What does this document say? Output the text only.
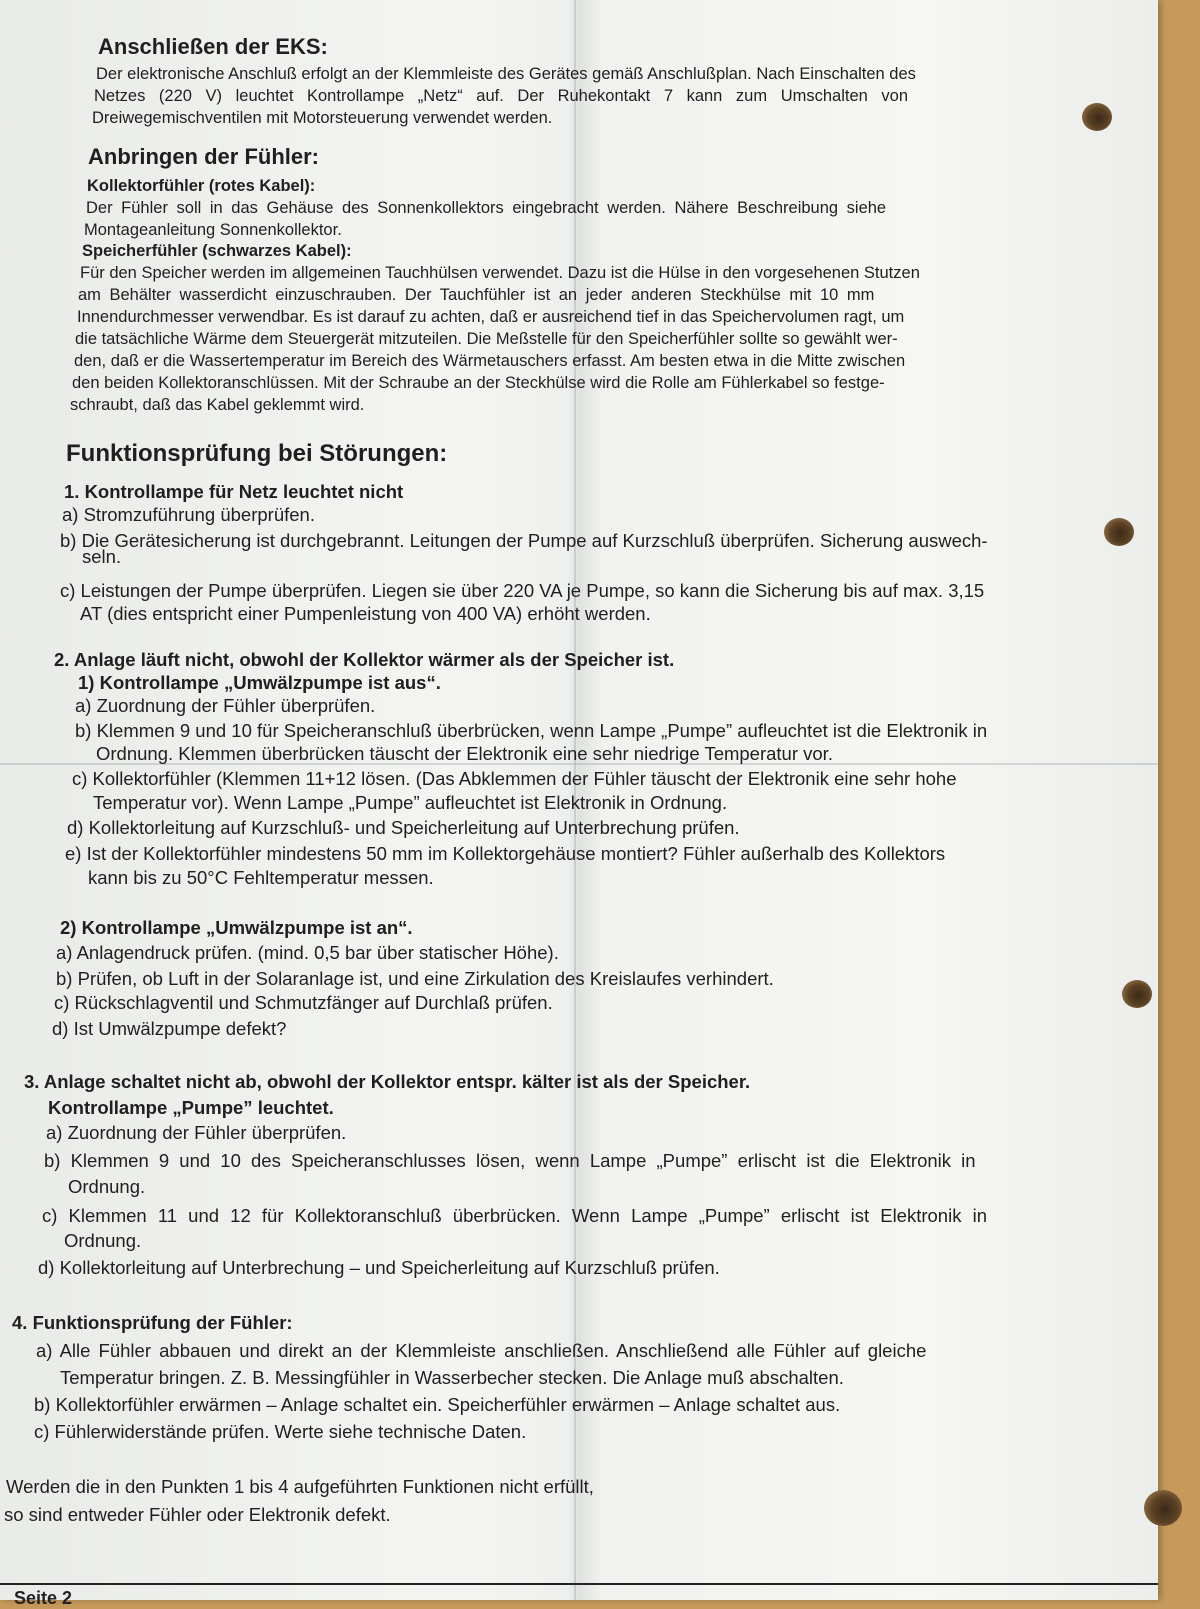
Anschließen der EKS:
Der elektronische Anschluß erfolgt an der Klemmleiste des Gerätes gemäß Anschlußplan. Nach Einschalten des
Netzes (220 V) leuchtet Kontrollampe „Netz“ auf. Der Ruhekontakt 7 kann zum Umschalten von
Dreiwegemischventilen mit Motorsteuerung verwendet werden.
Anbringen der Fühler:
Kollektorfühler (rotes Kabel):
Der Fühler soll in das Gehäuse des Sonnenkollektors eingebracht werden. Nähere Beschreibung siehe
Montageanleitung Sonnenkollektor.
Speicherfühler (schwarzes Kabel):
Für den Speicher werden im allgemeinen Tauchhülsen verwendet. Dazu ist die Hülse in den vorgesehenen Stutzen
am Behälter wasserdicht einzuschrauben. Der Tauchfühler ist an jeder anderen Steckhülse mit 10 mm
Innendurchmesser verwendbar. Es ist darauf zu achten, daß er ausreichend tief in das Speichervolumen ragt, um
die tatsächliche Wärme dem Steuergerät mitzuteilen. Die Meßstelle für den Speicherfühler sollte so gewählt wer-
den, daß er die Wassertemperatur im Bereich des Wärmetauschers erfasst. Am besten etwa in die Mitte zwischen
den beiden Kollektoranschlüssen. Mit der Schraube an der Steckhülse wird die Rolle am Fühlerkabel so festge-
schraubt, daß das Kabel geklemmt wird.
Funktionsprüfung bei Störungen:
1. Kontrollampe für Netz leuchtet nicht
a) Stromzuführung überprüfen.
b) Die Gerätesicherung ist durchgebrannt. Leitungen der Pumpe auf Kurzschluß überprüfen. Sicherung auswech-
seln.
c) Leistungen der Pumpe überprüfen. Liegen sie über 220 VA je Pumpe, so kann die Sicherung bis auf max. 3,15
AT (dies entspricht einer Pumpenleistung von 400 VA) erhöht werden.
2. Anlage läuft nicht, obwohl der Kollektor wärmer als der Speicher ist.
1) Kontrollampe „Umwälzpumpe ist aus“.
a) Zuordnung der Fühler überprüfen.
b) Klemmen 9 und 10 für Speicheranschluß überbrücken, wenn Lampe „Pumpe” aufleuchtet ist die Elektronik in
Ordnung. Klemmen überbrücken täuscht der Elektronik eine sehr niedrige Temperatur vor.
c) Kollektorfühler (Klemmen 11+12 lösen. (Das Abklemmen der Fühler täuscht der Elektronik eine sehr hohe
Temperatur vor). Wenn Lampe „Pumpe” aufleuchtet ist Elektronik in Ordnung.
d) Kollektorleitung auf Kurzschluß- und Speicherleitung auf Unterbrechung prüfen.
e) Ist der Kollektorfühler mindestens 50 mm im Kollektorgehäuse montiert? Fühler außerhalb des Kollektors
kann bis zu 50°C Fehltemperatur messen.
2) Kontrollampe „Umwälzpumpe ist an“.
a) Anlagendruck prüfen. (mind. 0,5 bar über statischer Höhe).
b) Prüfen, ob Luft in der Solaranlage ist, und eine Zirkulation des Kreislaufes verhindert.
c) Rückschlagventil und Schmutzfänger auf Durchlaß prüfen.
d) Ist Umwälzpumpe defekt?
3. Anlage schaltet nicht ab, obwohl der Kollektor entspr. kälter ist als der Speicher.
Kontrollampe „Pumpe” leuchtet.
a) Zuordnung der Fühler überprüfen.
b) Klemmen 9 und 10 des Speicheranschlusses lösen, wenn Lampe „Pumpe” erlischt ist die Elektronik in
Ordnung.
c) Klemmen 11 und 12 für Kollektoranschluß überbrücken. Wenn Lampe „Pumpe” erlischt ist Elektronik in
Ordnung.
d) Kollektorleitung auf Unterbrechung – und Speicherleitung auf Kurzschluß prüfen.
4. Funktionsprüfung der Fühler:
a) Alle Fühler abbauen und direkt an der Klemmleiste anschließen. Anschließend alle Fühler auf gleiche
Temperatur bringen. Z. B. Messingfühler in Wasserbecher stecken. Die Anlage muß abschalten.
b) Kollektorfühler erwärmen – Anlage schaltet ein. Speicherfühler erwärmen – Anlage schaltet aus.
c) Fühlerwiderstände prüfen. Werte siehe technische Daten.
Werden die in den Punkten 1 bis 4 aufgeführten Funktionen nicht erfüllt,
so sind entweder Fühler oder Elektronik defekt.
Seite 2
